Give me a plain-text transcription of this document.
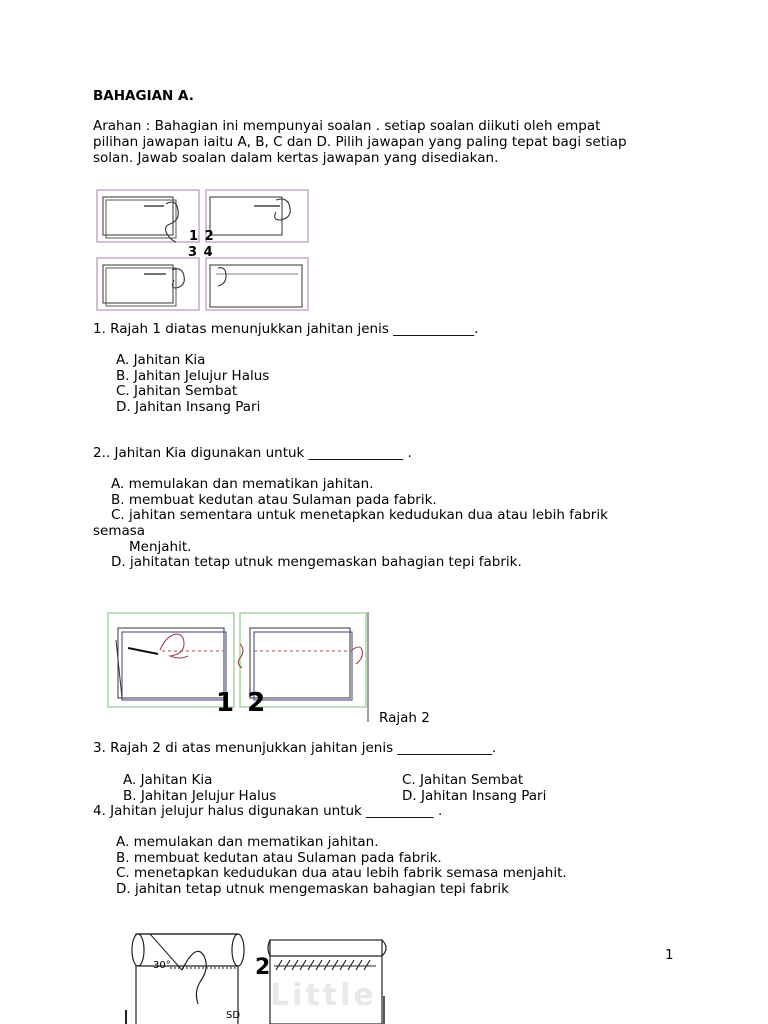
BAHAGIAN A.
Arahan : Bahagian ini mempunyai soalan . setiap soalan diikuti oleh empat
pilihan jawapan iaitu A, B, C dan D. Pilih jawapan yang paling tepat bagi setiap
solan. Jawab soalan dalam kertas jawapan yang disediakan.
1 2
3 4
1. Rajah 1 diatas menunjukkan jahitan jenis ____________.
A. Jahitan Kia
B. Jahitan Jelujur Halus
C. Jahitan Sembat
D. Jahitan Insang Pari
2.. Jahitan Kia digunakan untuk ______________ .
A. memulakan dan mematikan jahitan.
B. membuat kedutan atau Sulaman pada fabrik.
C. jahitan sementara untuk menetapkan kedudukan dua atau lebih fabrik
semasa
Menjahit.
D. jahitatan tetap utnuk mengemaskan bahagian tepi fabrik.
1 2	Rajah 2
3. Rajah 2 di atas menunjukkan jahitan jenis ______________.
A. Jahitan Kia
B. Jahitan Jelujur Halus
C. Jahitan Sembat
D. Jahitan Insang Pari
4. Jahitan jelujur halus digunakan untuk __________ .
A. memulakan dan mematikan jahitan.
B. membuat kedutan atau Sulaman pada fabrik.
C. menetapkan kedudukan dua atau lebih fabrik semasa menjahit.
D. jahitan tetap utnuk mengemaskan bahagian tepi fabrik
30°	2
SD
Little
1
